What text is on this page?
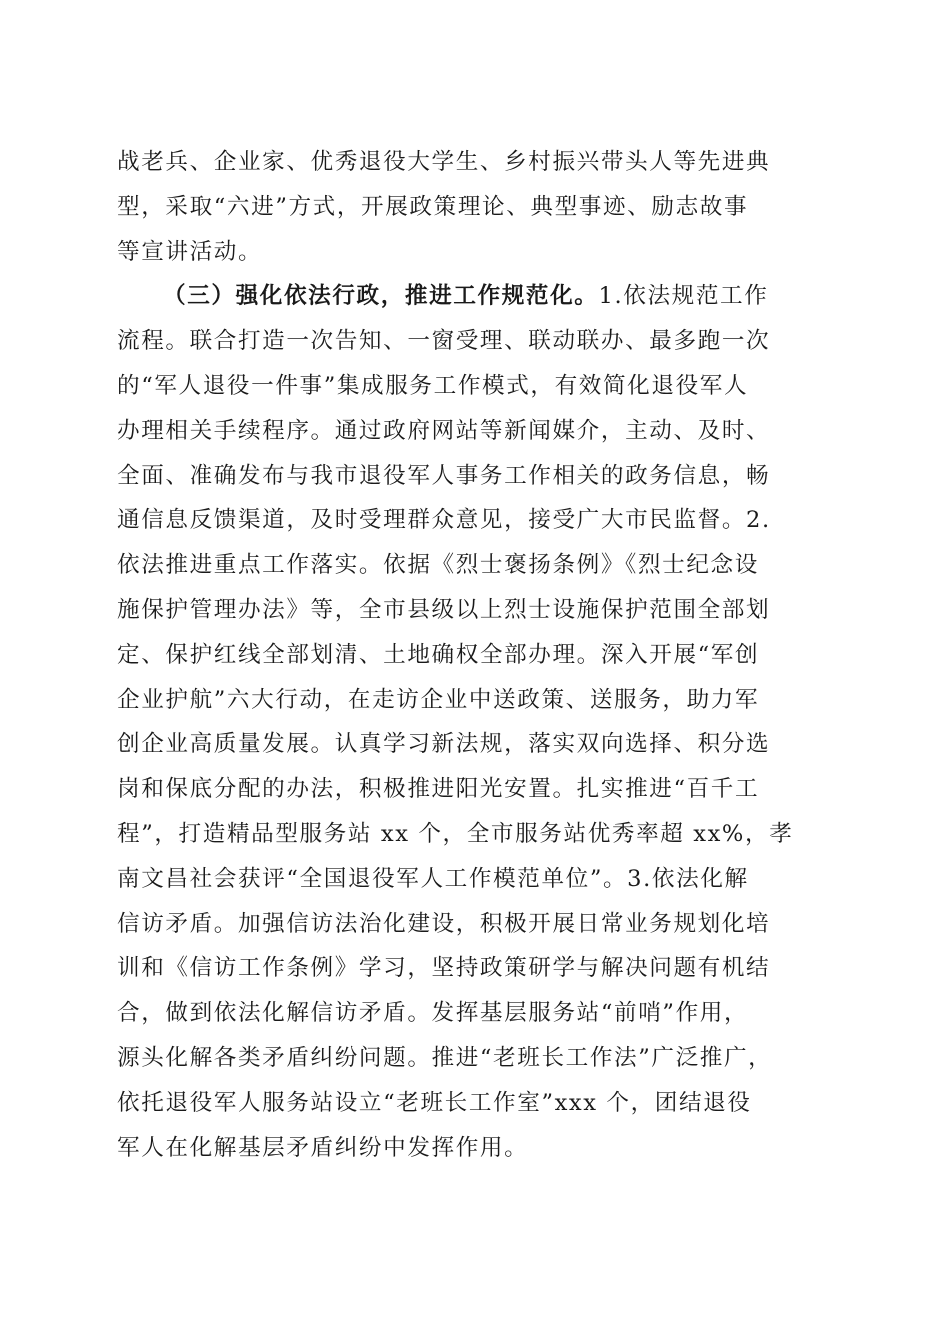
战老兵、企业家、优秀退役大学生、乡村振兴带头人等先进典
型，采取“六进”方式，开展政策理论、典型事迹、励志故事
等宣讲活动。
（三）强化依法行政，推进工作规范化。1.依法规范工作
流程。联合打造一次告知、一窗受理、联动联办、最多跑一次
的“军人退役一件事”集成服务工作模式，有效简化退役军人
办理相关手续程序。通过政府网站等新闻媒介，主动、及时、
全面、准确发布与我市退役军人事务工作相关的政务信息，畅
通信息反馈渠道，及时受理群众意见，接受广大市民监督。2.
依法推进重点工作落实。依据《烈士褒扬条例》《烈士纪念设
施保护管理办法》等，全市县级以上烈士设施保护范围全部划
定、保护红线全部划清、土地确权全部办理。深入开展“军创
企业护航”六大行动，在走访企业中送政策、送服务，助力军
创企业高质量发展。认真学习新法规，落实双向选择、积分选
岗和保底分配的办法，积极推进阳光安置。扎实推进“百千工
程”，打造精品型服务站 xx 个，全市服务站优秀率超 xx%，孝
南文昌社会获评“全国退役军人工作模范单位”。3.依法化解
信访矛盾。加强信访法治化建设，积极开展日常业务规划化培
训和《信访工作条例》学习，坚持政策研学与解决问题有机结
合，做到依法化解信访矛盾。发挥基层服务站“前哨”作用，
源头化解各类矛盾纠纷问题。推进“老班长工作法”广泛推广，
依托退役军人服务站设立“老班长工作室”xxx 个，团结退役
军人在化解基层矛盾纠纷中发挥作用。
